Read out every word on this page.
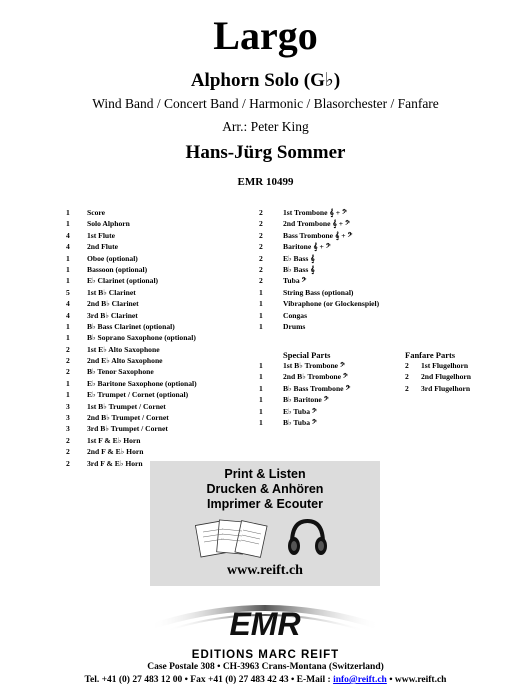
Largo
Alphorn Solo (G♭)
Wind Band / Concert Band / Harmonic / Blasorchester / Fanfare
Arr.: Peter King
Hans-Jürg Sommer
EMR 10499
1	Score
1	Solo Alphorn
4	1st Flute
4	2nd Flute
1	Oboe (optional)
1	Bassoon (optional)
1	E♭ Clarinet (optional)
5	1st B♭ Clarinet
4	2nd B♭ Clarinet
4	3rd B♭ Clarinet
1	B♭ Bass Clarinet (optional)
1	B♭ Soprano Saxophone (optional)
2	1st E♭ Alto Saxophone
2	2nd E♭ Alto Saxophone
2	B♭ Tenor Saxophone
1	E♭ Baritone Saxophone (optional)
1	E♭ Trumpet / Cornet (optional)
3	1st B♭ Trumpet / Cornet
3	2nd B♭ Trumpet / Cornet
3	3rd B♭ Trumpet / Cornet
2	1st F & E♭ Horn
2	2nd F & E♭ Horn
2	3rd F & E♭ Horn
2	1st Trombone 𝄞 + 𝄢
2	2nd Trombone 𝄞 + 𝄢
2	Bass Trombone 𝄞 + 𝄢
2	Baritone 𝄞 + 𝄢
2	E♭ Bass 𝄞
2	B♭ Bass 𝄞
2	Tuba 𝄢
1	String Bass (optional)
1	Vibraphone (or Glockenspiel)
1	Congas
1	Drums
Special Parts
1	1st B♭ Trombone 𝄢
1	2nd B♭ Trombone 𝄢
1	B♭ Bass Trombone 𝄢
1	B♭ Baritone 𝄢
1	E♭ Tuba 𝄢
1	B♭ Tuba 𝄢
Fanfare Parts
2	1st Flugelhorn
2	2nd Flugelhorn
2	3rd Flugelhorn
Print & Listen
Drucken & Anhören
Imprimer & Ecouter
www.reift.ch
EMR
EDITIONS MARC REIFT
Case Postale 308 • CH-3963 Crans-Montana (Switzerland)
Tel. +41 (0) 27 483 12 00 • Fax +41 (0) 27 483 42 43 • E-Mail : info@reift.ch • www.reift.ch
